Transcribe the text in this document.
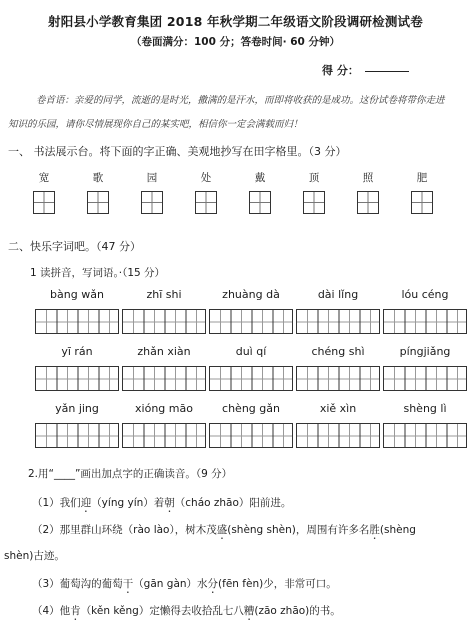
射阳县小学教育集团 2018 年秋学期二年级语文阶段调研检测试卷
（卷面满分：100 分；答卷时间· 60 分钟）
得 分：
卷首语：亲爱的同学，流逝的是时光，撒满的是汗水，而即将收获的是成功。这份试卷将带你走进
知识的乐园，请你尽情展现你自己的某实吧，相信你一定会满载而归！
一、 书法展示台。将下面的字正确、美观地抄写在田字格里。（3 分）
宽	歌	园	处	戴	顶	照	肥
二、快乐字词吧。（47 分）
1 读拼音，写词语。·（15 分）
bàng wǎn	zhī shi	zhuàng dà	dài lǐng	lóu céng
yī rán	zhǎn xiàn	duì qí	chéng shì	píngjiǎng
yǎn jing	xióng māo	chèng gǎn	xiě xìn	shèng lì
2.用“____”画出加点字的正确读音。（9 分）
（1）我们迎（yíng yín）着朝（cháo zhāo）阳前进。
（2）那里群山环绕（rào lào），树木茂盛(shèng shèn)，周围有许多名胜(shèng
shèn)古迹。
（3）葡萄沟的葡萄干（gān gàn）水分(fēn fèn)少，非常可口。
（4）他肯（kěn kěng）定懒得去收拾乱七八糟(zāo zhāo)的书。
